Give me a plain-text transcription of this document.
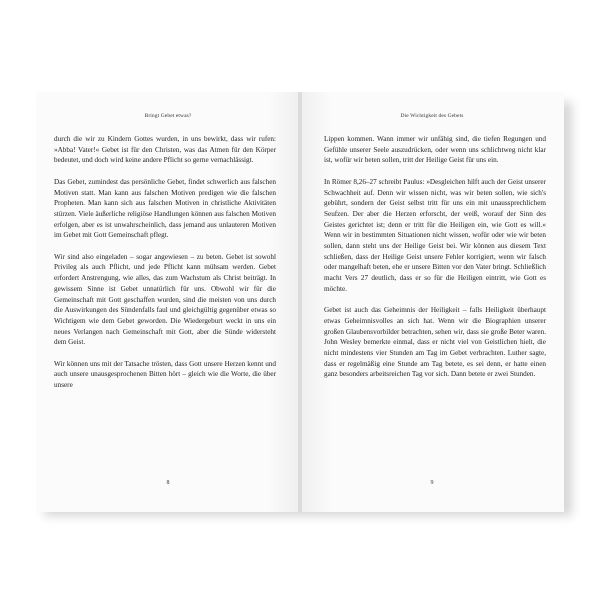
Bringt Gebet etwas?

durch die wir zu Kindern Gottes wurden, in uns bewirkt, dass wir rufen: »Abba! Vater!« Gebet ist für den Christen, was das Atmen für den Körper bedeutet, und doch wird keine andere Pflicht so gerne vernachlässigt.

Das Gebet, zumindest das persönliche Gebet, findet schwerlich aus falschen Motiven statt. Man kann aus falschen Motiven predigen wie die falschen Propheten. Man kann sich aus falschen Motiven in christliche Aktivitäten stürzen. Viele äußerliche religiöse Handlungen können aus falschen Motiven erfolgen, aber es ist unwahrscheinlich, dass jemand aus unlauteren Motiven im Gebet mit Gott Gemeinschaft pflegt.

Wir sind also eingeladen – sogar angewiesen – zu beten. Gebet ist sowohl Privileg als auch Pflicht, und jede Pflicht kann mühsam werden. Gebet erfordert Anstrengung, wie alles, das zum Wachstum als Christ beiträgt. In gewissem Sinne ist Gebet unnatürlich für uns. Obwohl wir für die Gemeinschaft mit Gott geschaffen wurden, sind die meisten von uns durch die Auswirkungen des Sündenfalls faul und gleichgültig gegenüber etwas so Wichtigem wie dem Gebet geworden. Die Wiedergeburt weckt in uns ein neues Verlangen nach Gemeinschaft mit Gott, aber die Sünde widersteht dem Geist.

Wir können uns mit der Tatsache trösten, dass Gott unsere Herzen kennt und auch unsere unausgesprochenen Bitten hört – gleich wie die Worte, die über unsere

8
Die Wichtigkeit des Gebets

Lippen kommen. Wann immer wir unfähig sind, die tiefen Regungen und Gefühle unserer Seele auszudrücken, oder wenn uns schlichtweg nicht klar ist, wofür wir beten sollen, tritt der Heilige Geist für uns ein.

In Römer 8,26–27 schreibt Paulus: »Desgleichen hilft auch der Geist unserer Schwachheit auf. Denn wir wissen nicht, was wir beten sollen, wie sich's gebührt, sondern der Geist selbst tritt für uns ein mit unaussprechlichem Seufzen. Der aber die Herzen erforscht, der weiß, worauf der Sinn des Geistes gerichtet ist; denn er tritt für die Heiligen ein, wie Gott es will.« Wenn wir in bestimmten Situationen nicht wissen, wofür oder wie wir beten sollen, dann steht uns der Heilige Geist bei. Wir können aus diesem Text schließen, dass der Heilige Geist unsere Fehler korrigiert, wenn wir falsch oder mangelhaft beten, ehe er unsere Bitten vor den Vater bringt. Schließlich macht Vers 27 deutlich, dass er so für die Heiligen eintritt, wie Gott es möchte.

Gebet ist auch das Geheimnis der Heiligkeit – falls Heiligkeit überhaupt etwas Geheimnisvolles an sich hat. Wenn wir die Biographien unserer großen Glaubensvorbilder betrachten, sehen wir, dass sie große Beter waren. John Wesley bemerkte einmal, dass er nicht viel von Geistlichen hielt, die nicht mindestens vier Stunden am Tag im Gebet verbrachten. Luther sagte, dass er regelmäßig eine Stunde am Tag betete, es sei denn, er hatte einen ganz besonders arbeitsreichen Tag vor sich. Dann betete er zwei Stunden.

9
